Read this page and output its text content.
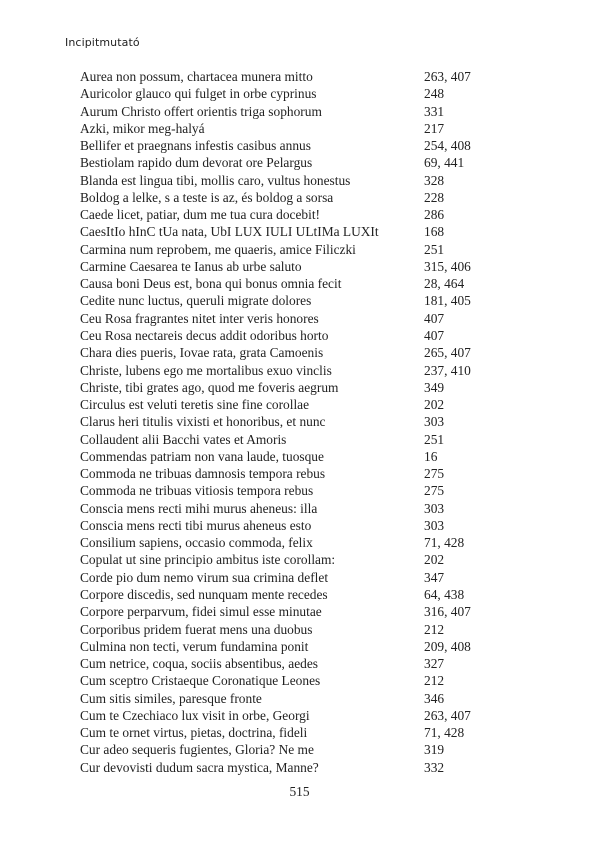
Incipitmutató
Aurea non possum, chartacea munera mitto	263, 407
Auricolor glauco qui fulget in orbe cyprinus	248
Aurum Christo offert orientis triga sophorum	331
Azki, mikor meg-halyá	217
Bellifer et praegnans infestis casibus annus	254, 408
Bestiolam rapido dum devorat ore Pelargus	69, 441
Blanda est lingua tibi, mollis caro, vultus honestus	328
Boldog a lelke, s a teste is az, és boldog a sorsa	228
Caede licet, patiar, dum me tua cura docebit!	286
CaesItIo hInC tUa nata, UbI LUX IULI ULtIMa LUXIt	168
Carmina num reprobem, me quaeris, amice Filiczki	251
Carmine Caesarea te Ianus ab urbe saluto	315, 406
Causa boni Deus est, bona qui bonus omnia fecit	28, 464
Cedite nunc luctus, queruli migrate dolores	181, 405
Ceu Rosa fragrantes nitet inter veris honores	407
Ceu Rosa nectareis decus addit odoribus horto	407
Chara dies pueris, Iovae rata, grata Camoenis	265, 407
Christe, lubens ego me mortalibus exuo vinclis	237, 410
Christe, tibi grates ago, quod me foveris aegrum	349
Circulus est veluti teretis sine fine corollae	202
Clarus heri titulis vixisti et honoribus, et nunc	303
Collaudent alii Bacchi vates et Amoris	251
Commendas patriam non vana laude, tuosque	16
Commoda ne tribuas damnosis tempora rebus	275
Commoda ne tribuas vitiosis tempora rebus	275
Conscia mens recti mihi murus aheneus: illa	303
Conscia mens recti tibi murus aheneus esto	303
Consilium sapiens, occasio commoda, felix	71, 428
Copulat ut sine principio ambitus iste corollam:	202
Corde pio dum nemo virum sua crimina deflet	347
Corpore discedis, sed nunquam mente recedes	64, 438
Corpore perparvum, fidei simul esse minutae	316, 407
Corporibus pridem fuerat mens una duobus	212
Culmina non tecti, verum fundamina ponit	209, 408
Cum netrice, coqua, sociis absentibus, aedes	327
Cum sceptro Cristaeque Coronatique Leones	212
Cum sitis similes, paresque fronte	346
Cum te Czechiaco lux visit in orbe, Georgi	263, 407
Cum te ornet virtus, pietas, doctrina, fideli	71, 428
Cur adeo sequeris fugientes, Gloria? Ne me	319
Cur devovisti dudum sacra mystica, Manne?	332
515
